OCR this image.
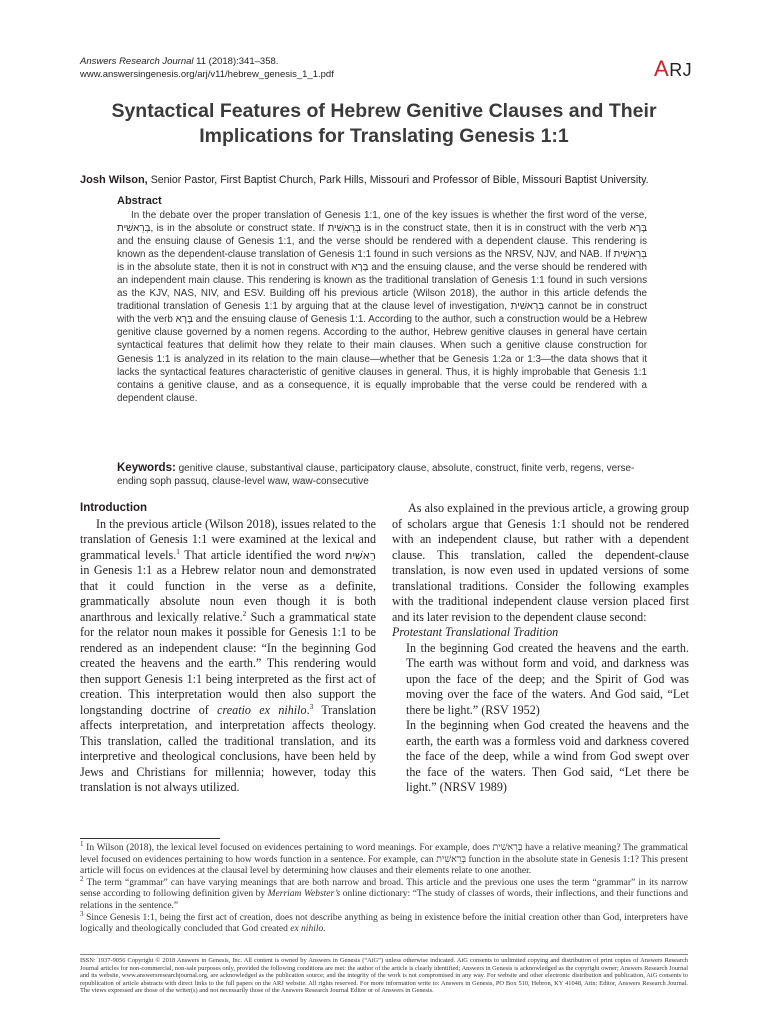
Answers Research Journal 11 (2018):341–358.
www.answersingenesis.org/arj/v11/hebrew_genesis_1_1.pdf	ARJ
Syntactical Features of Hebrew Genitive Clauses and Their Implications for Translating Genesis 1:1
Josh Wilson, Senior Pastor, First Baptist Church, Park Hills, Missouri and Professor of Bible, Missouri Baptist University.
Abstract

In the debate over the proper translation of Genesis 1:1, one of the key issues is whether the first word of the verse, בְּרֵאשִׁית, is in the absolute or construct state. If בְּרֵאשִׁית is in the construct state, then it is in construct with the verb בָּרָא and the ensuing clause of Genesis 1:1, and the verse should be rendered with a dependent clause. This rendering is known as the dependent-clause translation of Genesis 1:1 found in such versions as the NRSV, NJV, and NAB. If בְּרֵאשִׁית is in the absolute state, then it is not in construct with בָּרָא and the ensuing clause, and the verse should be rendered with an independent main clause. This rendering is known as the traditional translation of Genesis 1:1 found in such versions as the KJV, NAS, NIV, and ESV. Building off his previous article (Wilson 2018), the author in this article defends the traditional translation of Genesis 1:1 by arguing that at the clause level of investigation, בְּרֵאשִׁית cannot be in construct with the verb בָּרָא and the ensuing clause of Genesis 1:1. According to the author, such a construction would be a Hebrew genitive clause governed by a nomen regens. According to the author, Hebrew genitive clauses in general have certain syntactical features that delimit how they relate to their main clauses. When such a genitive clause construction for Genesis 1:1 is analyzed in its relation to the main clause—whether that be Genesis 1:2a or 1:3—the data shows that it lacks the syntactical features characteristic of genitive clauses in general. Thus, it is highly improbable that Genesis 1:1 contains a genitive clause, and as a consequence, it is equally improbable that the verse could be rendered with a dependent clause.

Keywords: genitive clause, substantival clause, participatory clause, absolute, construct, finite verb, regens, verse-ending soph passuq, clause-level waw, waw-consecutive
Introduction

In the previous article (Wilson 2018), issues related to the translation of Genesis 1:1 were examined at the lexical and grammatical levels.$^1$ That article identified the word רֵאשִׁית in Genesis 1:1 as a Hebrew relator noun and demonstrated that it could function in the verse as a definite, grammatically absolute noun even though it is both anarthrous and lexically relative.$^2$ Such a grammatical state for the relator noun makes it possible for Genesis 1:1 to be rendered as an independent clause: “In the beginning God created the heavens and the earth.” This rendering would then support Genesis 1:1 being interpreted as the first act of creation. This interpretation would then also support the longstanding doctrine of creatio ex nihilo.$^3$ Translation affects interpretation, and interpretation affects theology. This translation, called the traditional translation, and its interpretive and theological conclusions, have been held by Jews and Christians for millennia; however, today this translation is not always utilized.

As also explained in the previous article, a growing group of scholars argue that Genesis 1:1 should not be rendered with an independent clause, but rather with a dependent clause. This translation, called the dependent-clause translation, is now even used in updated versions of some translational traditions. Consider the following examples with the traditional independent clause version placed first and its later revision to the dependent clause second:

Protestant Translational Tradition

In the beginning God created the heavens and the earth. The earth was without form and void, and darkness was upon the face of the deep; and the Spirit of God was moving over the face of the waters. And God said, “Let there be light.” (RSV 1952)

In the beginning when God created the heavens and the earth, the earth was a formless void and darkness covered the face of the deep, while a wind from God swept over the face of the waters. Then God said, “Let there be light.” (NRSV 1989)

$^1$ In Wilson (2018), the lexical level focused on evidences pertaining to word meanings. For example, does בְּרֵאשִׁית have a relative meaning? The grammatical level focused on evidences pertaining to how words function in a sentence. For example, can בְּרֵאשִׁית function in the absolute state in Genesis 1:1? This present article will focus on evidences at the clausal level by determining how clauses and their elements relate to one another.

$^2$ The term “grammar” can have varying meanings that are both narrow and broad. This article and the previous one uses the term “grammar” in its narrow sense according to following definition given by Merriam Webster’s online dictionary: “The study of classes of words, their inflections, and their functions and relations in the sentence.”

$^3$ Since Genesis 1:1, being the first act of creation, does not describe anything as being in existence before the initial creation other than God, interpreters have logically and theologically concluded that God created ex nihilo.

ISSN: 1937-9056 Copyright © 2018 Answers in Genesis, Inc. All content is owned by Answers in Genesis (“AiG”) unless otherwise indicated. AiG consents to unlimited copying and distribution of print copies of Answers Research Journal articles for non-commercial, non-sale purposes only, provided the following conditions are met: the author of the article is clearly identified; Answers in Genesis is acknowledged as the copyright owner; Answers Research Journal and its website, www.answersresearchjournal.org, are acknowledged as the publication source; and the integrity of the work is not compromised in any way. For website and other electronic distribution and publication, AiG consents to republication of article abstracts with direct links to the full papers on the ARJ website. All rights reserved. For more information write to: Answers in Genesis, PO Box 510, Hebron, KY 41048, Attn: Editor, Answers Research Journal. The views expressed are those of the writer(s) and not necessarily those of the Answers Research Journal Editor or of Answers in Genesis.
